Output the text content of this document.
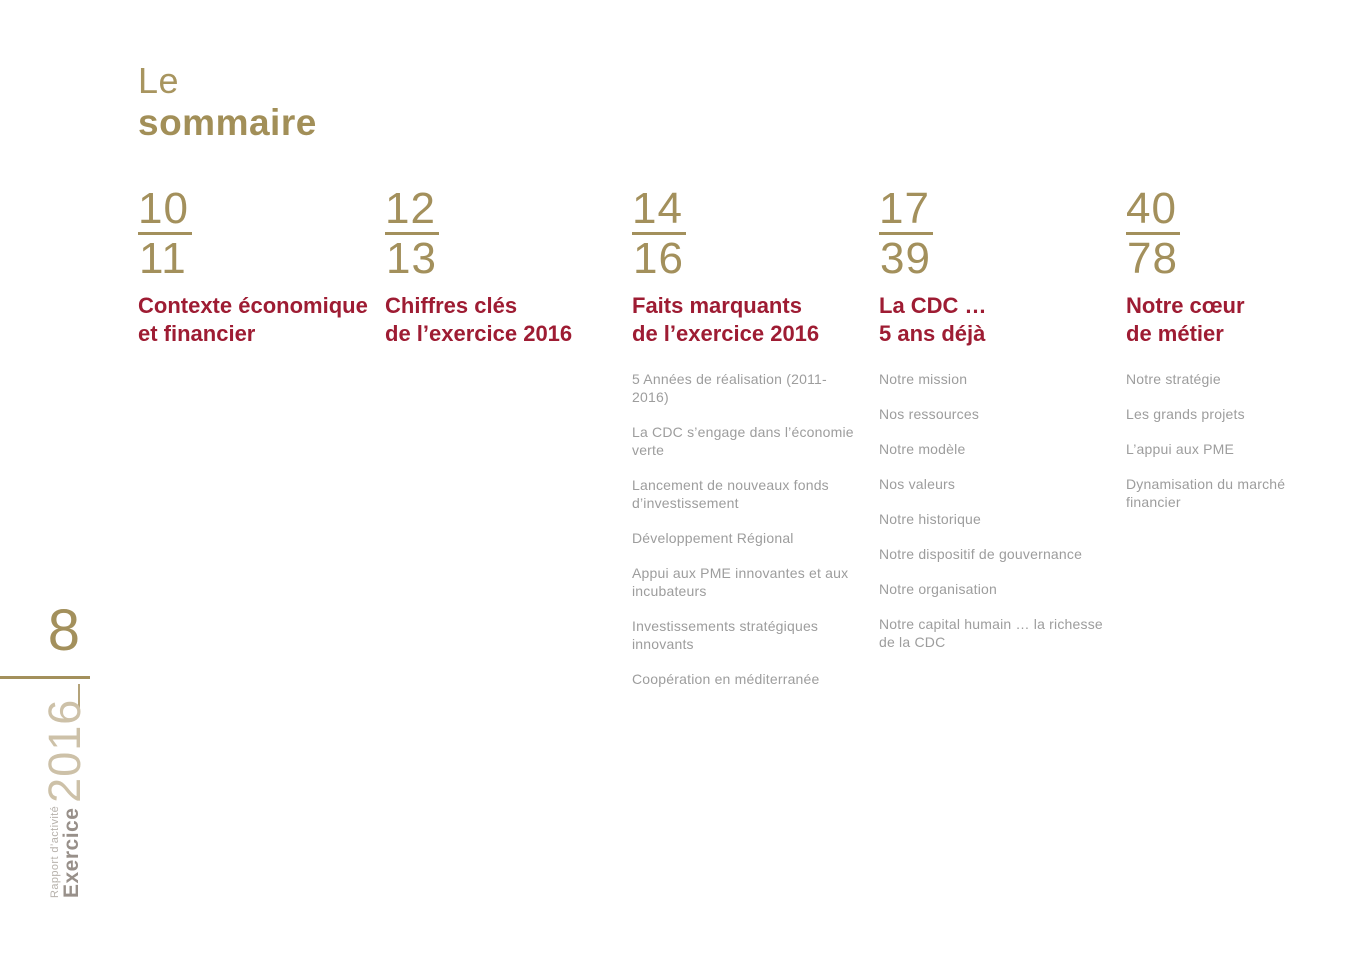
Le
sommaire
10
11
Contexte économique
et financier
12
13
Chiffres clés
de l’exercice 2016
14
16
Faits marquants
de l’exercice 2016
5 Années de réalisation (2011-2016)
La CDC s’engage dans l’économie verte
Lancement de nouveaux fonds d’investissement
Développement Régional
Appui aux PME innovantes et aux incubateurs
Investissements stratégiques innovants
Coopération en méditerranée
17
39
La CDC …
5 ans déjà
Notre mission
Nos ressources
Notre modèle
Nos valeurs
Notre historique
Notre dispositif de gouvernance
Notre organisation
Notre capital humain … la richesse de la CDC
40
78
Notre cœur
de métier
Notre stratégie
Les grands projets
L’appui aux PME
Dynamisation du marché financier
8
Rapport d’activité Exercice
2016
